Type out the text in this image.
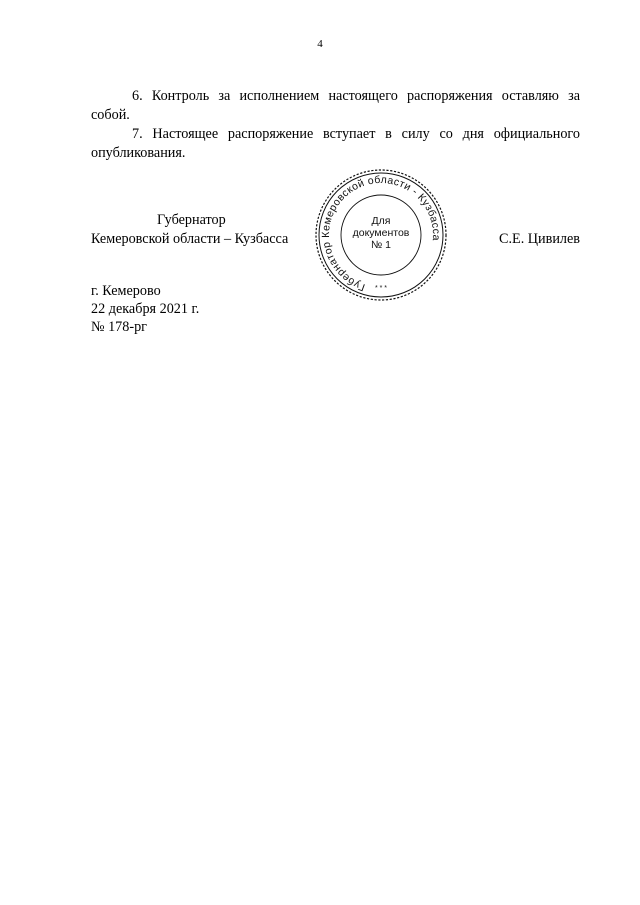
4

6. Контроль за исполнением настоящего распоряжения оставляю за собой.

7. Настоящее распоряжение вступает в силу со дня официального опубликования.

Губернатор
Кемеровской области – Кузбасса
Губернатор Кемеровской области - Кузбасса
Для
документов
№ 1
* * *
С.Е. Цивилев
г. Кемерово
22 декабря 2021 г.
№ 178-рг
